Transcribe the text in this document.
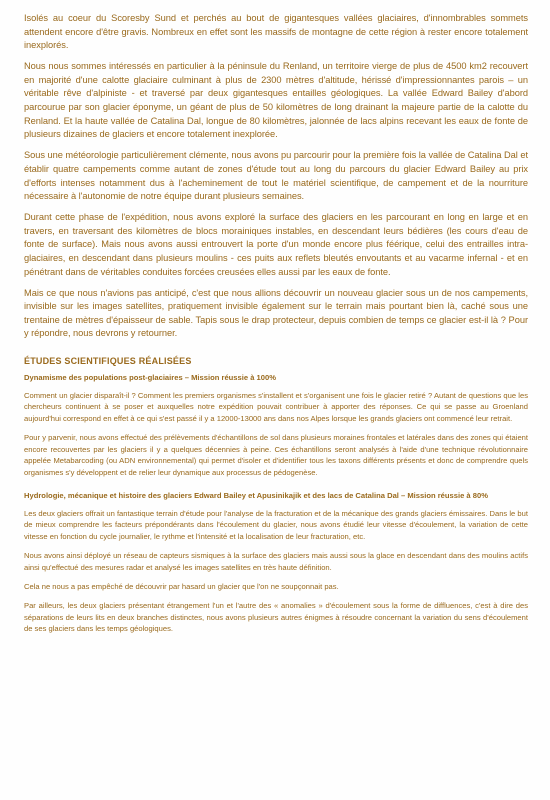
Isolés au coeur du Scoresby Sund et perchés au bout de gigantesques vallées glaciaires, d'innombrables sommets attendent encore d'être gravis. Nombreux en effet sont les massifs de montagne de cette région à rester encore totalement inexplorés.

Nous nous sommes intéressés en particulier à la péninsule du Renland, un territoire vierge de plus de 4500 km2 recouvert en majorité d'une calotte glaciaire culminant à plus de 2300 mètres d'altitude, hérissé d'impressionnantes parois – un véritable rêve d'alpiniste - et traversé par deux gigantesques entailles géologiques. La vallée Edward Bailey d'abord parcourue par son glacier éponyme, un géant de plus de 50 kilomètres de long drainant la majeure partie de la calotte du Renland. Et la haute vallée de Catalina Dal, longue de 80 kilomètres, jalonnée de lacs alpins recevant les eaux de fonte de plusieurs dizaines de glaciers et encore totalement inexplorée.

Sous une météorologie particulièrement clémente, nous avons pu parcourir pour la première fois la vallée de Catalina Dal et établir quatre campements comme autant de zones d'étude tout au long du parcours du glacier Edward Bailey au prix d'efforts intenses notamment dus à l'acheminement de tout le matériel scientifique, de campement et de la nourriture nécessaire à l'autonomie de notre équipe durant plusieurs semaines.

Durant cette phase de l'expédition, nous avons exploré la surface des glaciers en les parcourant en long en large et en travers, en traversant des kilomètres de blocs morainiques instables, en descendant leurs bédières (les cours d'eau de fonte de surface). Mais nous avons aussi entrouvert la porte d'un monde encore plus féérique, celui des entrailles intra-glaciaires, en descendant dans plusieurs moulins - ces puits aux reflets bleutés envoutants et au vacarme infernal - et en pénétrant dans de véritables conduites forcées creusées elles aussi par les eaux de fonte.

Mais ce que nous n'avions pas anticipé, c'est que nous allions découvrir un nouveau glacier sous un de nos campements, invisible sur les images satellites, pratiquement invisible également sur le terrain mais pourtant bien là, caché sous une trentaine de mètres d'épaisseur de sable. Tapis sous le drap protecteur, depuis combien de temps ce glacier est-il là ? Pour y répondre, nous devrons y retourner.

ÉTUDES SCIENTIFIQUES RÉALISÉES
Dynamisme des populations post-glaciaires – Mission réussie à 100%

Comment un glacier disparaît-il ? Comment les premiers organismes s'installent et s'organisent une fois le glacier retiré ? Autant de questions que les chercheurs continuent à se poser et auxquelles notre expédition pouvait contribuer à apporter des réponses. Ce qui se passe au Groenland aujourd'hui correspond en effet à ce qui s'est passé il y a 12000-13000 ans dans nos Alpes lorsque les grands glaciers ont commencé leur retrait.

Pour y parvenir, nous avons effectué des prélèvements d'échantillons de sol dans plusieurs moraines frontales et latérales dans des zones qui étaient encore recouvertes par les glaciers il y a quelques décennies à peine. Ces échantillons seront analysés à l'aide d'une technique révolutionnaire appelée Metabarcoding (ou ADN environnemental) qui permet d'isoler et d'identifier tous les taxons différents présents et donc de comprendre quels organismes s'y développent et de relier leur dynamique aux processus de pédogenèse.

Hydrologie, mécanique et histoire des glaciers Edward Bailey et Apusinikajik et des lacs de Catalina Dal – Mission réussie à 80%

Les deux glaciers offrait un fantastique terrain d'étude pour l'analyse de la fracturation et de la mécanique des grands glaciers émissaires. Dans le but de mieux comprendre les facteurs prépondérants dans l'écoulement du glacier, nous avons étudié leur vitesse d'écoulement, la variation de cette vitesse en fonction du cycle journalier, le rythme et l'intensité et la localisation de leur fracturation, etc.

Nous avons ainsi déployé un réseau de capteurs sismiques à la surface des glaciers mais aussi sous la glace en descendant dans des moulins actifs ainsi qu'effectué des mesures radar et analysé les images satellites en très haute définition.

Cela ne nous a pas empêché de découvrir par hasard un glacier que l'on ne soupçonnait pas.

Par ailleurs, les deux glaciers présentant étrangement l'un et l'autre des « anomalies » d'écoulement sous la forme de diffluences, c'est à dire des séparations de leurs lits en deux branches distinctes, nous avons plusieurs autres énigmes à résoudre concernant la variation du sens d'écoulement de ses glaciers dans les temps géologiques.
